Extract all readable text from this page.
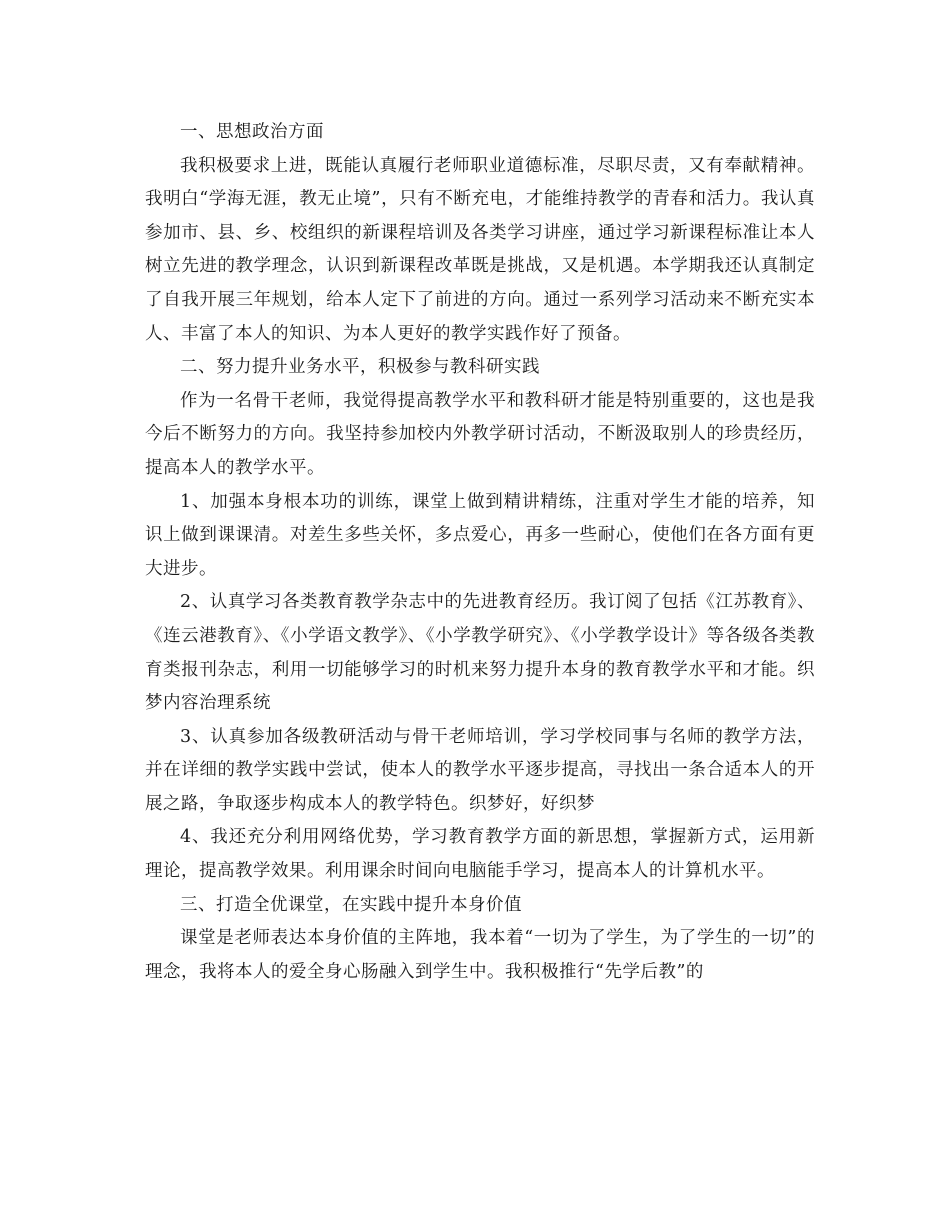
一、思想政治方面

我积极要求上进，既能认真履行老师职业道德标准，尽职尽责，又有奉献精神。我明白“学海无涯，教无止境”，只有不断充电，才能维持教学的青春和活力。我认真参加市、县、乡、校组织的新课程培训及各类学习讲座，通过学习新课程标准让本人树立先进的教学理念，认识到新课程改革既是挑战，又是机遇。本学期我还认真制定了自我开展三年规划，给本人定下了前进的方向。通过一系列学习活动来不断充实本人、丰富了本人的知识、为本人更好的教学实践作好了预备。

二、努力提升业务水平，积极参与教科研实践

作为一名骨干老师，我觉得提高教学水平和教科研才能是特别重要的，这也是我今后不断努力的方向。我坚持参加校内外教学研讨活动，不断汲取别人的珍贵经历，提高本人的教学水平。

1、加强本身根本功的训练，课堂上做到精讲精练，注重对学生才能的培养，知识上做到课课清。对差生多些关怀，多点爱心，再多一些耐心，使他们在各方面有更大进步。

2、认真学习各类教育教学杂志中的先进教育经历。我订阅了包括《江苏教育》、《连云港教育》、《小学语文教学》、《小学教学研究》、《小学教学设计》等各级各类教育类报刊杂志，利用一切能够学习的时机来努力提升本身的教育教学水平和才能。织梦内容治理系统

3、认真参加各级教研活动与骨干老师培训，学习学校同事与名师的教学方法，并在详细的教学实践中尝试，使本人的教学水平逐步提高，寻找出一条合适本人的开展之路，争取逐步构成本人的教学特色。织梦好，好织梦

4、我还充分利用网络优势，学习教育教学方面的新思想，掌握新方式，运用新理论，提高教学效果。利用课余时间向电脑能手学习，提高本人的计算机水平。

三、打造全优课堂，在实践中提升本身价值

课堂是老师表达本身价值的主阵地，我本着“一切为了学生，为了学生的一切”的理念，我将本人的爱全身心肠融入到学生中。我积极推行“先学后教”的
